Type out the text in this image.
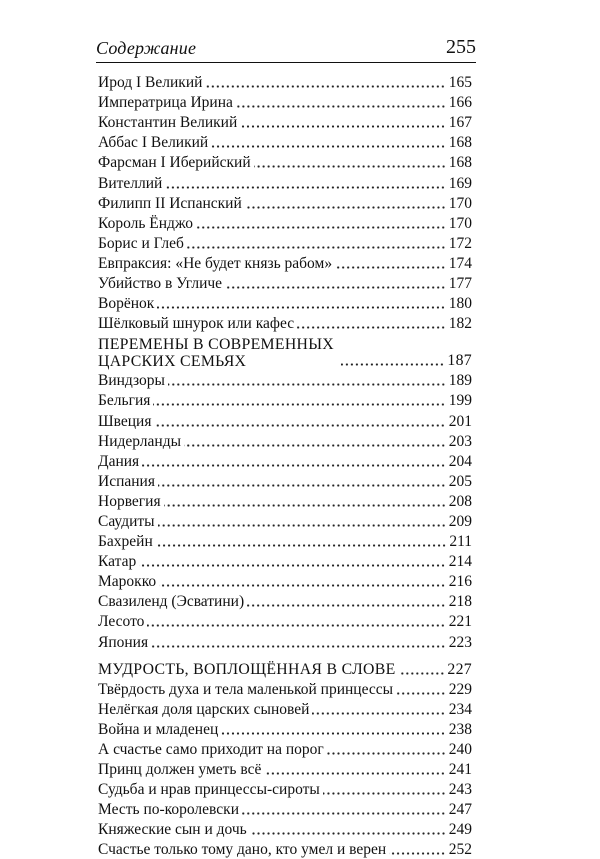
Содержание	255
Ирод I Великий	165
Императрица Ирина	166
Константин Великий	167
Аббас I Великий	168
Фарсман I Иберийский	168
Вителлий	169
Филипп II Испанский	170
Король Ёнджо	170
Борис и Глеб	172
Евпраксия: «Не будет князь рабом»	174
Убийство в Угличе	177
Ворёнок	180
Шёлковый шнурок или кафес	182
ПЕРЕМЕНЫ В СОВРЕМЕННЫХ ЦАРСКИХ СЕМЬЯХ	187
Виндзоры	189
Бельгия	199
Швеция	201
Нидерланды	203
Дания	204
Испания	205
Норвегия	208
Саудиты	209
Бахрейн	211
Катар	214
Марокко	216
Свазиленд (Эсватини)	218
Лесото	221
Япония	223
МУДРОСТЬ, ВОПЛОЩЁННАЯ В СЛОВЕ	227
Твёрдость духа и тела маленькой принцессы	229
Нелёгкая доля царских сыновей	234
Война и младенец	238
А счастье само приходит на порог	240
Принц должен уметь всё	241
Судьба и нрав принцессы-сироты	243
Месть по-королевски	247
Княжеские сын и дочь	249
Счастье только тому дано, кто умел и верен	252
